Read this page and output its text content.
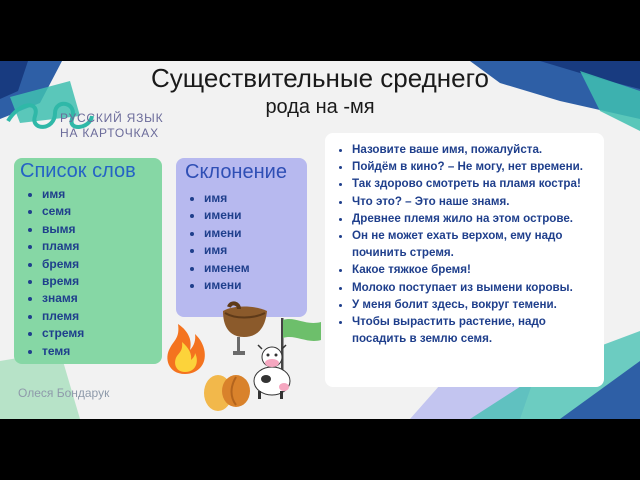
Существительные среднего
рода на -мя
РУССКИЙ ЯЗЫК
НА КАРТОЧКАХ
Список слов
• имя
• семя
• вымя
• пламя
• бремя
• время
• знамя
• племя
• стремя
• темя
Склонение
• имя
• имени
• имени
• имя
• именем
• имени
• Назовите ваше имя, пожалуйста.
• Пойдём в кино? – Не могу, нет времени.
• Так здорово смотреть на пламя костра!
• Что это? – Это наше знамя.
• Древнее племя жило на этом острове.
• Он не может ехать верхом, ему надо починить стремя.
• Какое тяжкое бремя!
• Молоко поступает из вымени коровы.
• У меня болит здесь, вокруг темени.
• Чтобы вырастить растение, надо посадить в землю семя.
Олеся Бондарук
